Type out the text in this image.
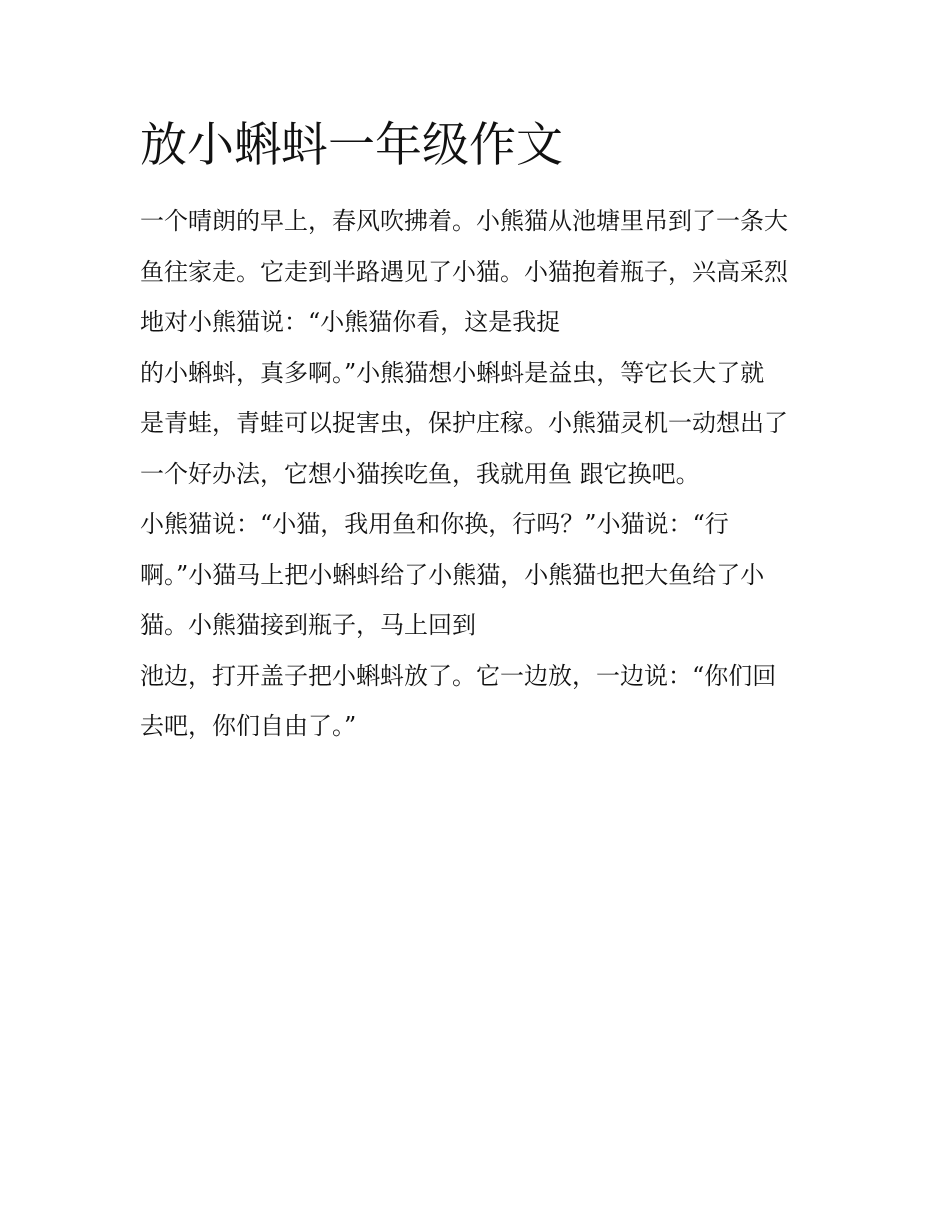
放小蝌蚪一年级作文
一个晴朗的早上，春风吹拂着。小熊猫从池塘里吊到了一条大
鱼往家走。它走到半路遇见了小猫。小猫抱着瓶子，兴高采烈
地对小熊猫说：“小熊猫你看，这是我捉
的小蝌蚪，真多啊。”小熊猫想小蝌蚪是益虫，等它长大了就
是青蛙，青蛙可以捉害虫，保护庄稼。小熊猫灵机一动想出了
一个好办法，它想小猫挨吃鱼，我就用鱼 跟它换吧。
小熊猫说：“小猫，我用鱼和你换，行吗？”小猫说：“行
啊。”小猫马上把小蝌蚪给了小熊猫，小熊猫也把大鱼给了小
猫。小熊猫接到瓶子，马上回到
池边，打开盖子把小蝌蚪放了。它一边放，一边说：“你们回
去吧，你们自由了。”
